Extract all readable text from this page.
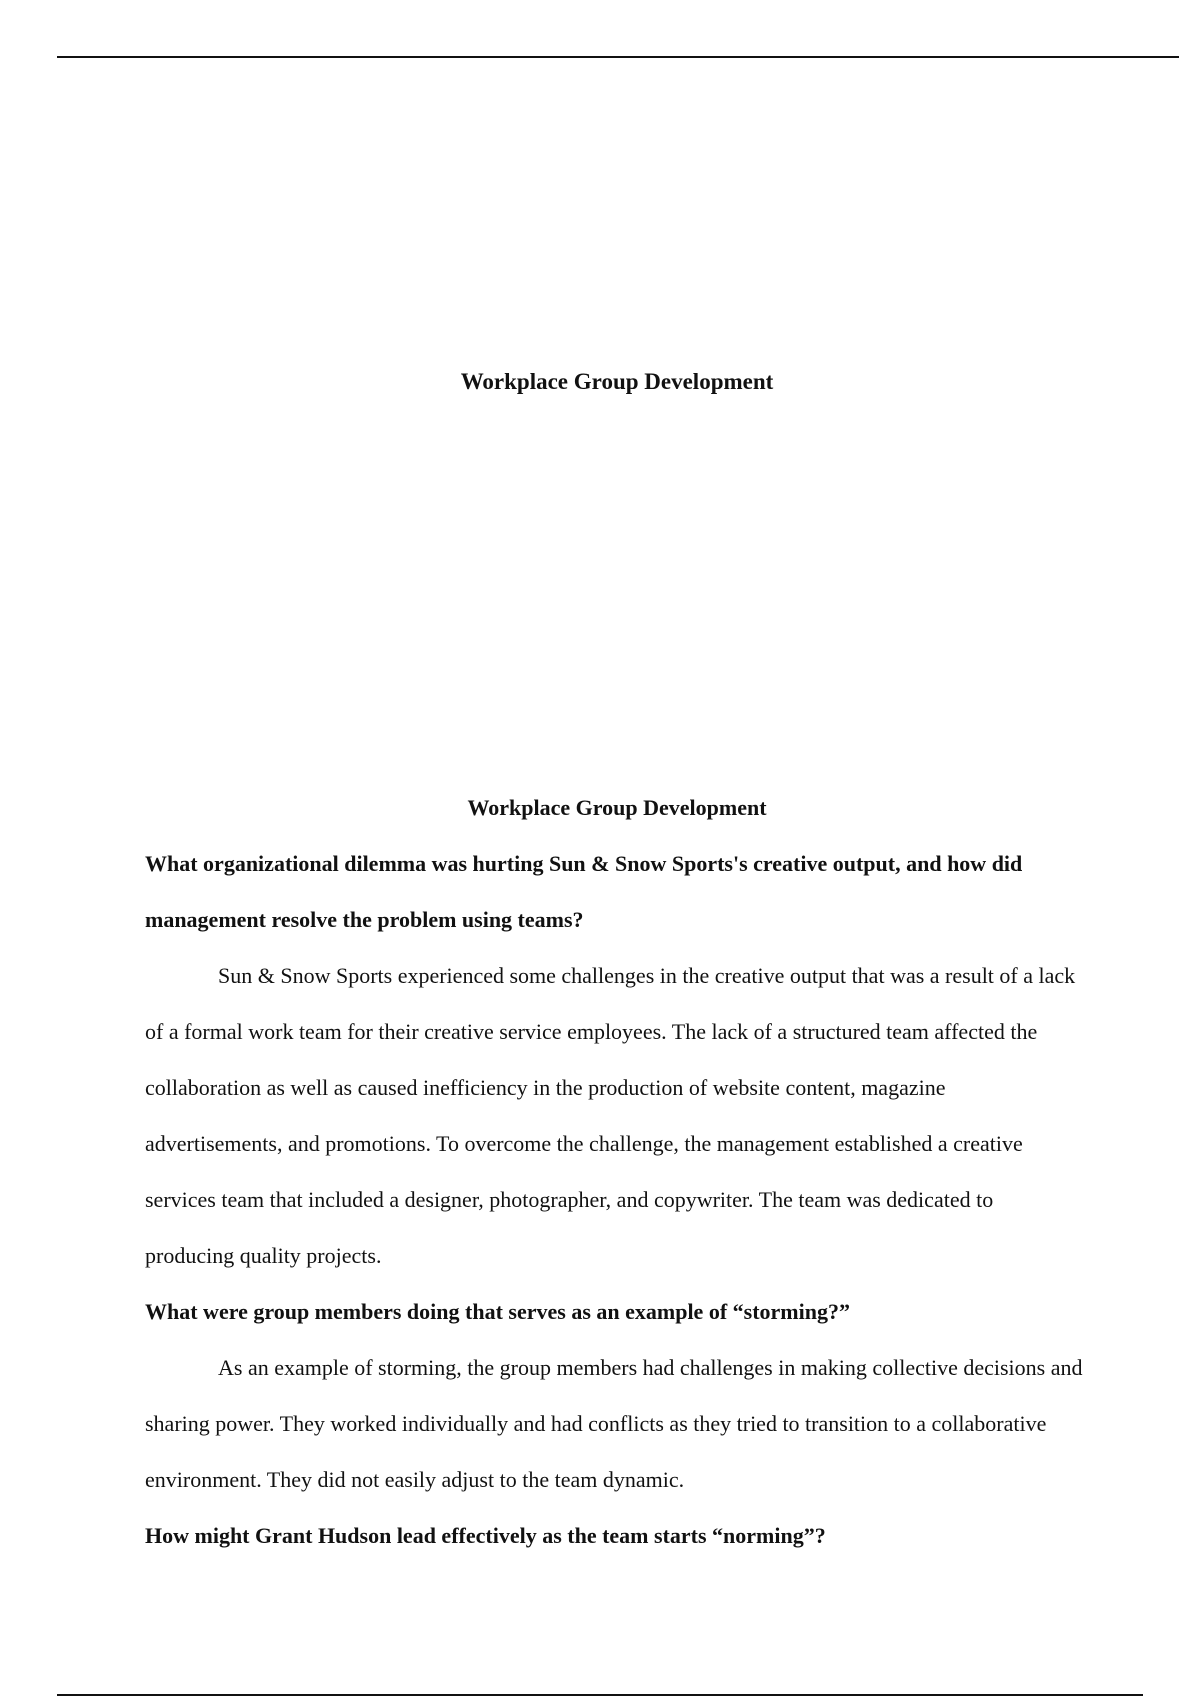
Workplace Group Development
Workplace Group Development

What organizational dilemma was hurting Sun & Snow Sports's creative output, and how did management resolve the problem using teams?

Sun & Snow Sports experienced some challenges in the creative output that was a result of a lack of a formal work team for their creative service employees. The lack of a structured team affected the collaboration as well as caused inefficiency in the production of website content, magazine advertisements, and promotions. To overcome the challenge, the management established a creative services team that included a designer, photographer, and copywriter. The team was dedicated to producing quality projects.

What were group members doing that serves as an example of “storming?”

As an example of storming, the group members had challenges in making collective decisions and sharing power. They worked individually and had conflicts as they tried to transition to a collaborative environment. They did not easily adjust to the team dynamic.

How might Grant Hudson lead effectively as the team starts “norming”?
